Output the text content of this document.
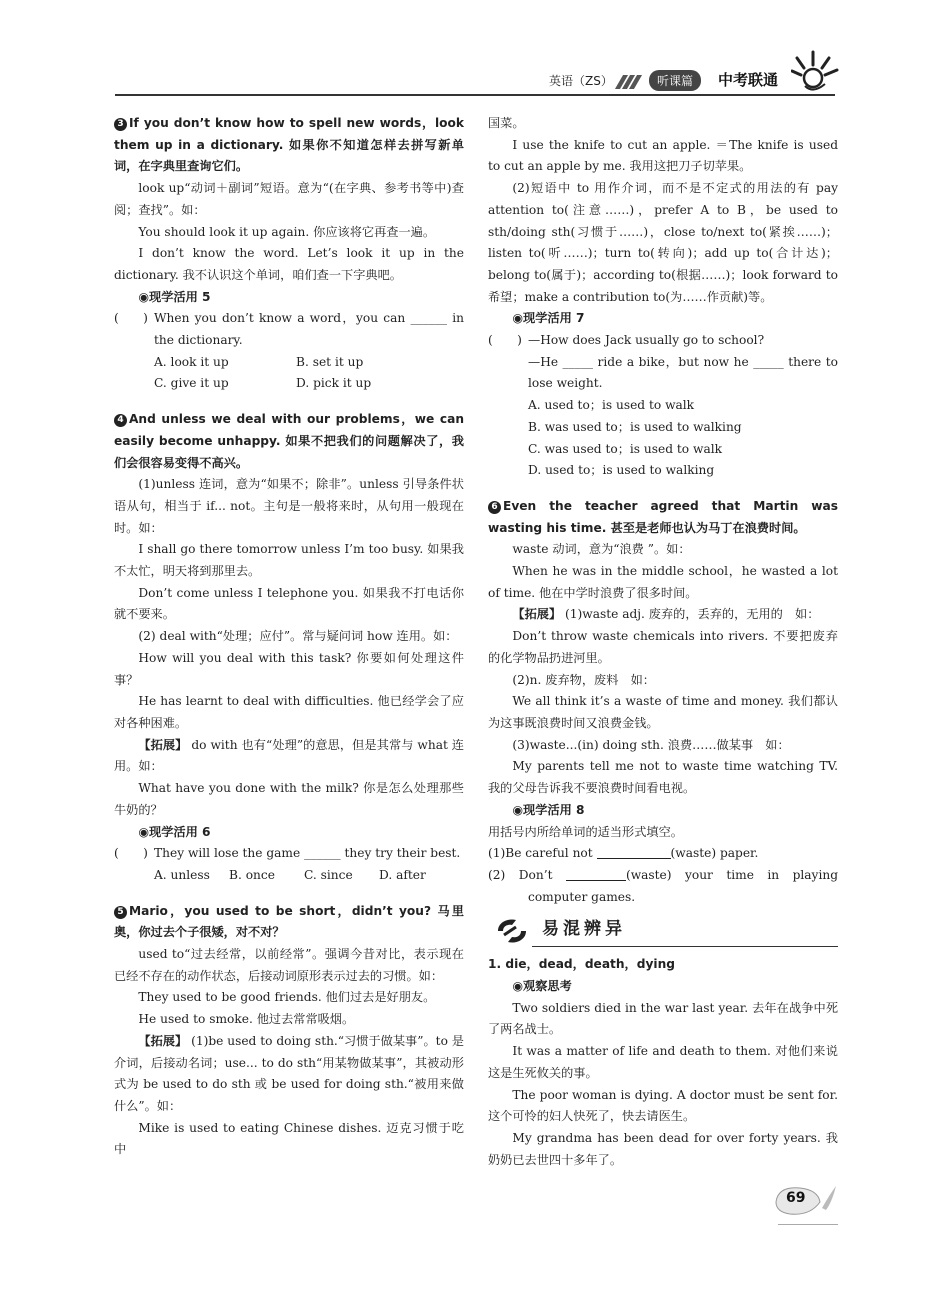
英语（ZS）	听课篇	中考联通

3 If you don’t know how to spell new words，look them up in a dictionary. 如果你不知道怎样去拼写新单词，在字典里查询它们。

look up“动词＋副词”短语。意为“(在字典、参考书等中)查阅；查找”。如：

You should look it up again. 你应该将它再查一遍。

I don’t know the word. Let’s look it up in the dictionary. 我不认识这个单词，咱们查一下字典吧。

◉现学活用 5

(　　) When you don’t know a word，you can ______ in the dictionary.

A. look it up	B. set it up
C. give it up	D. pick it up

4 And unless we deal with our problems，we can easily become unhappy. 如果不把我们的问题解决了，我们会很容易变得不高兴。

(1)unless 连词，意为“如果不；除非”。unless 引导条件状语从句，相当于 if... not。主句是一般将来时，从句用一般现在时。如：

I shall go there tomorrow unless I’m too busy. 如果我不太忙，明天将到那里去。

Don’t come unless I telephone you. 如果我不打电话你就不要来。

(2) deal with“处理；应付”。常与疑问词 how 连用。如：

How will you deal with this task? 你要如何处理这件事？

He has learnt to deal with difficulties. 他已经学会了应对各种困难。

【拓展】 do with 也有“处理”的意思，但是其常与 what 连用。如：

What have you done with the milk? 你是怎么处理那些牛奶的？

◉现学活用 6

(　　) They will lose the game ______ they try their best.

A. unless	B. once	C. since	D. after

5 Mario，you used to be short，didn’t you? 马里奥，你过去个子很矮，对不对？

used to“过去经常，以前经常”。强调今昔对比，表示现在已经不存在的动作状态，后接动词原形表示过去的习惯。如：

They used to be good friends. 他们过去是好朋友。

He used to smoke. 他过去常常吸烟。

【拓展】 (1)be used to doing sth.“习惯于做某事”。to 是介词，后接动名词；use... to do sth“用某物做某事”，其被动形式为 be used to do sth 或 be used for doing sth.“被用来做什么”。如：

Mike is used to eating Chinese dishes. 迈克习惯于吃中

国菜。

I use the knife to cut an apple. ＝The knife is used to cut an apple by me. 我用这把刀子切苹果。

(2)短语中 to 用作介词，而不是不定式的用法的有 pay attention to(注意……)，prefer A to B，be used to sth/doing sth(习惯于……)，close to/next to(紧挨……)；listen to(听……)；turn to(转向)；add up to(合计达)；belong to(属于)；according to(根据……)；look forward to 希望；make a contribution to(为……作贡献)等。

◉现学活用 7

(　　) —How does Jack usually go to school?

—He _____ ride a bike，but now he _____ there to lose weight.

A. used to；is used to walk

B. was used to；is used to walking

C. was used to；is used to walk

D. used to；is used to walking

6 Even the teacher agreed that Martin was wasting his time. 甚至是老师也认为马丁在浪费时间。

waste 动词，意为“浪费 ”。如：

When he was in the middle school，he wasted a lot of time. 他在中学时浪费了很多时间。

【拓展】 (1)waste adj. 废弃的，丢弃的，无用的　如：

Don’t throw waste chemicals into rivers. 不要把废弃的化学物品扔进河里。

(2)n. 废弃物，废料　如：

We all think it’s a waste of time and money. 我们都认为这事既浪费时间又浪费金钱。

(3)waste...(in) doing sth. 浪费……做某事　如：

My parents tell me not to waste time watching TV. 我的父母告诉我不要浪费时间看电视。

◉现学活用 8

用括号内所给单词的适当形式填空。

(1)Be careful not	(waste) paper.

(2) Don’t	(waste) your time in playing computer games.

易混辨异

1. die，dead，death，dying

◉观察思考

Two soldiers died in the war last year. 去年在战争中死了两名战士。

It was a matter of life and death to them. 对他们来说这是生死攸关的事。

The poor woman is dying. A doctor must be sent for. 这个可怜的妇人快死了，快去请医生。

My grandma has been dead for over forty years. 我奶奶已去世四十多年了。

69
